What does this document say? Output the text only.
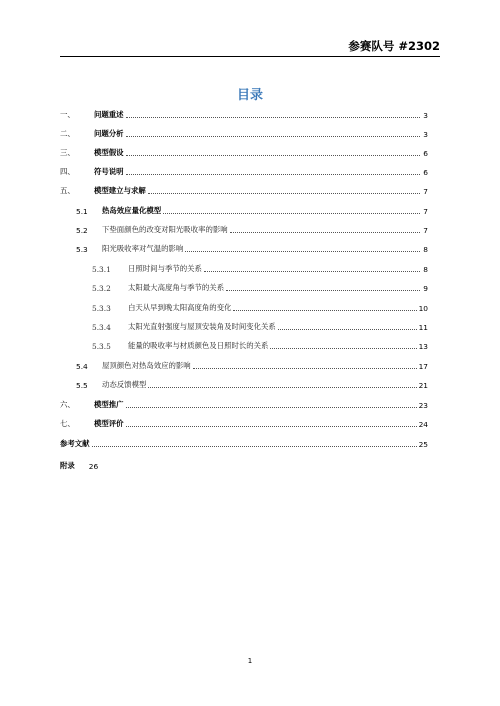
参赛队号 #2302
目录
一、	问题重述	3
二、	问题分析	3
三、	模型假设	6
四、	符号说明	6
五、	模型建立与求解	7
5.1	热岛效应量化模型	7
5.2	下垫面颜色的改变对阳光吸收率的影响	7
5.3	阳光吸收率对气温的影响	8
5.3.1	日照时间与季节的关系	8
5.3.2	太阳最大高度角与季节的关系	9
5.3.3	白天从早到晚太阳高度角的变化	10
5.3.4	太阳光直射强度与屋顶安装角及时间变化关系	11
5.3.5	能量的吸收率与材质颜色及日照时长的关系	13
5.4	屋顶颜色对热岛效应的影响	17
5.5	动态反馈模型	21
六、	模型推广	23
七、	模型评价	24
参考文献	25
附录 26
1
